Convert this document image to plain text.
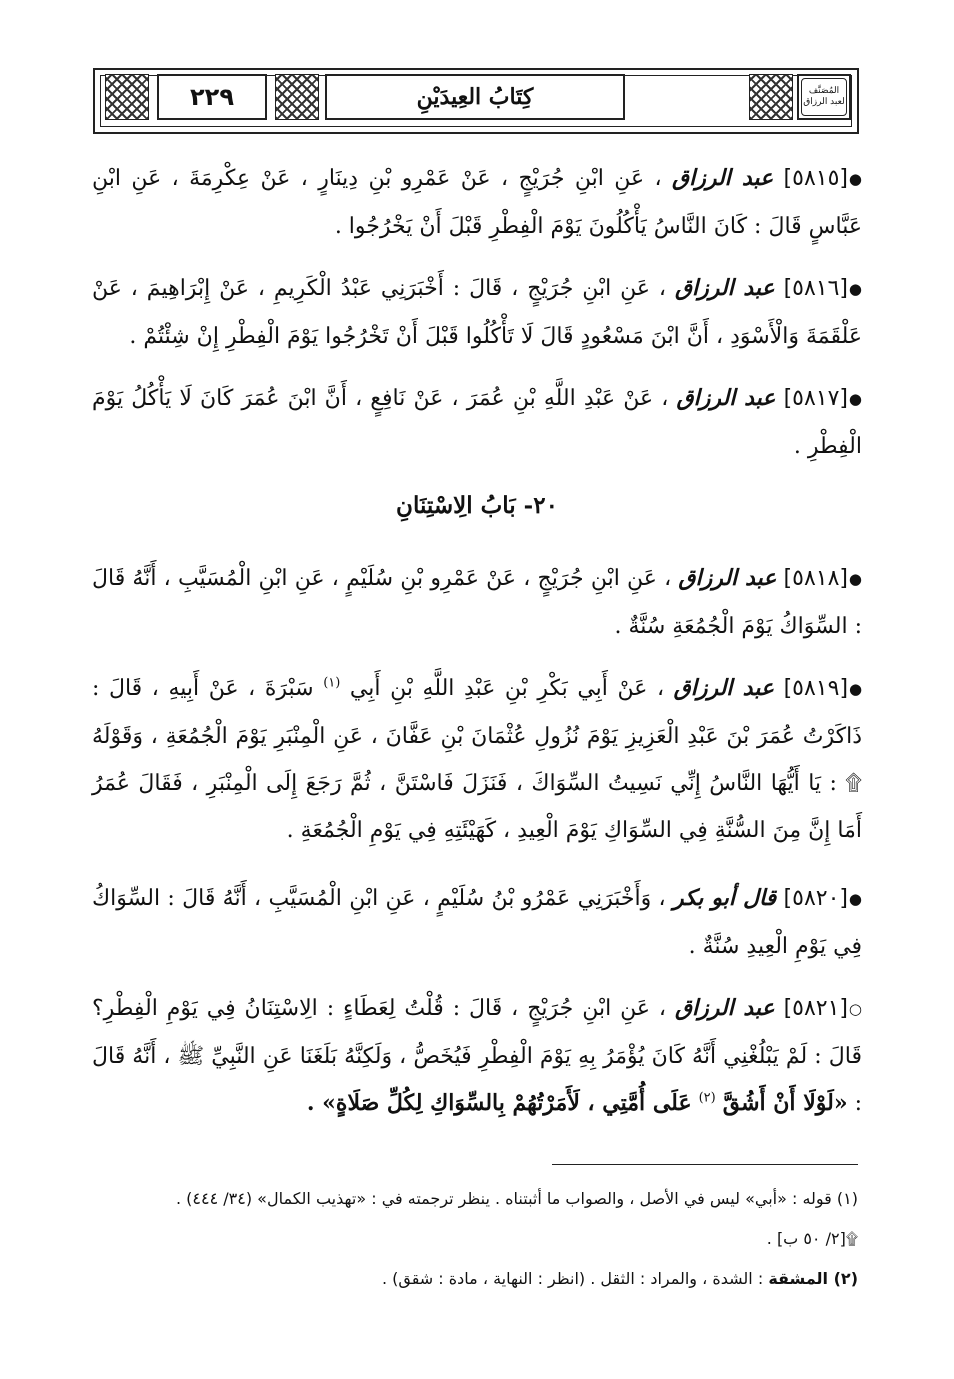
المُصَنَّف
لعبد الرزاق
كِتَابُ العِيدَيْنِ
٢٢٩
●[٥٨١٥] عبد الرزاق ، عَنِ ابْنِ جُرَيْجٍ ، عَنْ عَمْرِو بْنِ دِينَارٍ ، عَنْ عِكْرِمَةَ ، عَنِ ابْنِ عَبَّاسٍ قَالَ : كَانَ النَّاسُ يَأْكُلُونَ يَوْمَ الْفِطْرِ قَبْلَ أَنْ يَخْرُجُوا .
●[٥٨١٦] عبد الرزاق ، عَنِ ابْنِ جُرَيْجٍ ، قَالَ : أَخْبَرَنِي عَبْدُ الْكَرِيمِ ، عَنْ إِبْرَاهِيمَ ، عَنْ عَلْقَمَةَ وَالْأَسْوَدِ ، أَنَّ ابْنَ مَسْعُودٍ قَالَ لَا تَأْكُلُوا قَبْلَ أَنْ تَخْرُجُوا يَوْمَ الْفِطْرِ إِنْ شِئْتُمْ .
●[٥٨١٧] عبد الرزاق ، عَنْ عَبْدِ اللَّهِ بْنِ عُمَرَ ، عَنْ نَافِعٍ ، أَنَّ ابْنَ عُمَرَ كَانَ لَا يَأْكُلُ يَوْمَ الْفِطْرِ .
٢٠- بَابُ الِاسْتِنَانِ
●[٥٨١٨] عبد الرزاق ، عَنِ ابْنِ جُرَيْجٍ ، عَنْ عَمْرِو بْنِ سُلَيْمٍ ، عَنِ ابْنِ الْمُسَيَّبِ ، أَنَّهُ قَالَ : السِّوَاكُ يَوْمَ الْجُمُعَةِ سُنَّةٌ .
●[٥٨١٩] عبد الرزاق ، عَنْ أَبِي بَكْرِ بْنِ عَبْدِ اللَّهِ بْنِ أَبِي $^{(١)}$ سَبْرَةَ ، عَنْ أَبِيهِ ، قَالَ : ذَاكَرْتُ عُمَرَ بْنَ عَبْدِ الْعَزِيزِ يَوْمَ نُزُولِ عُثْمَانَ بْنِ عَفَّانَ ، عَنِ الْمِنْبَرِ يَوْمَ الْجُمُعَةِ ، وَقَوْلَهُ ۩ : يَا أَيُّهَا النَّاسُ إِنِّي نَسِيتُ السِّوَاكَ ، فَنَزَلَ فَاسْتَنَّ ، ثُمَّ رَجَعَ إِلَى الْمِنْبَرِ ، فَقَالَ عُمَرُ أَمَا إِنَّ مِنَ السُّنَّةِ فِي السِّوَاكِ يَوْمَ الْعِيدِ ، كَهَيْئَتِهِ فِي يَوْمِ الْجُمُعَةِ .
●[٥٨٢٠] قال أبو بكر ، وَأَخْبَرَنِي عَمْرُو بْنُ سُلَيْمٍ ، عَنِ ابْنِ الْمُسَيَّبِ ، أَنَّهُ قَالَ : السِّوَاكُ فِي يَوْمِ الْعِيدِ سُنَّةٌ .
○[٥٨٢١] عبد الرزاق ، عَنِ ابْنِ جُرَيْجٍ ، قَالَ : قُلْتُ لِعَطَاءٍ : الِاسْتِنَانُ فِي يَوْمِ الْفِطْرِ؟ قَالَ : لَمْ يَبْلُغْنِي أَنَّهُ كَانَ يُؤْمَرُ بِهِ يَوْمَ الْفِطْرِ فَيُخَصُّ ، وَلَكِنَّهُ بَلَغَنَا عَنِ النَّبِيِّ ﷺ ، أَنَّهُ قَالَ : «لَوْلَا أَنْ أَشُقَّ $^{(٢)}$ عَلَى أُمَّتِي ، لَأَمَرْتُهُمْ بِالسِّوَاكِ لِكُلِّ صَلَاةٍ» .
(١) قوله : «أبي» ليس في الأصل ، والصواب ما أثبتناه . ينظر ترجمته في : «تهذيب الكمال» (٣٤/ ٤٤٤) .
۩[٢/ ٥٠ ب] .
(٢) المشقة : الشدة ، والمراد : الثقل . (انظر : النهاية ، مادة : شقق) .
